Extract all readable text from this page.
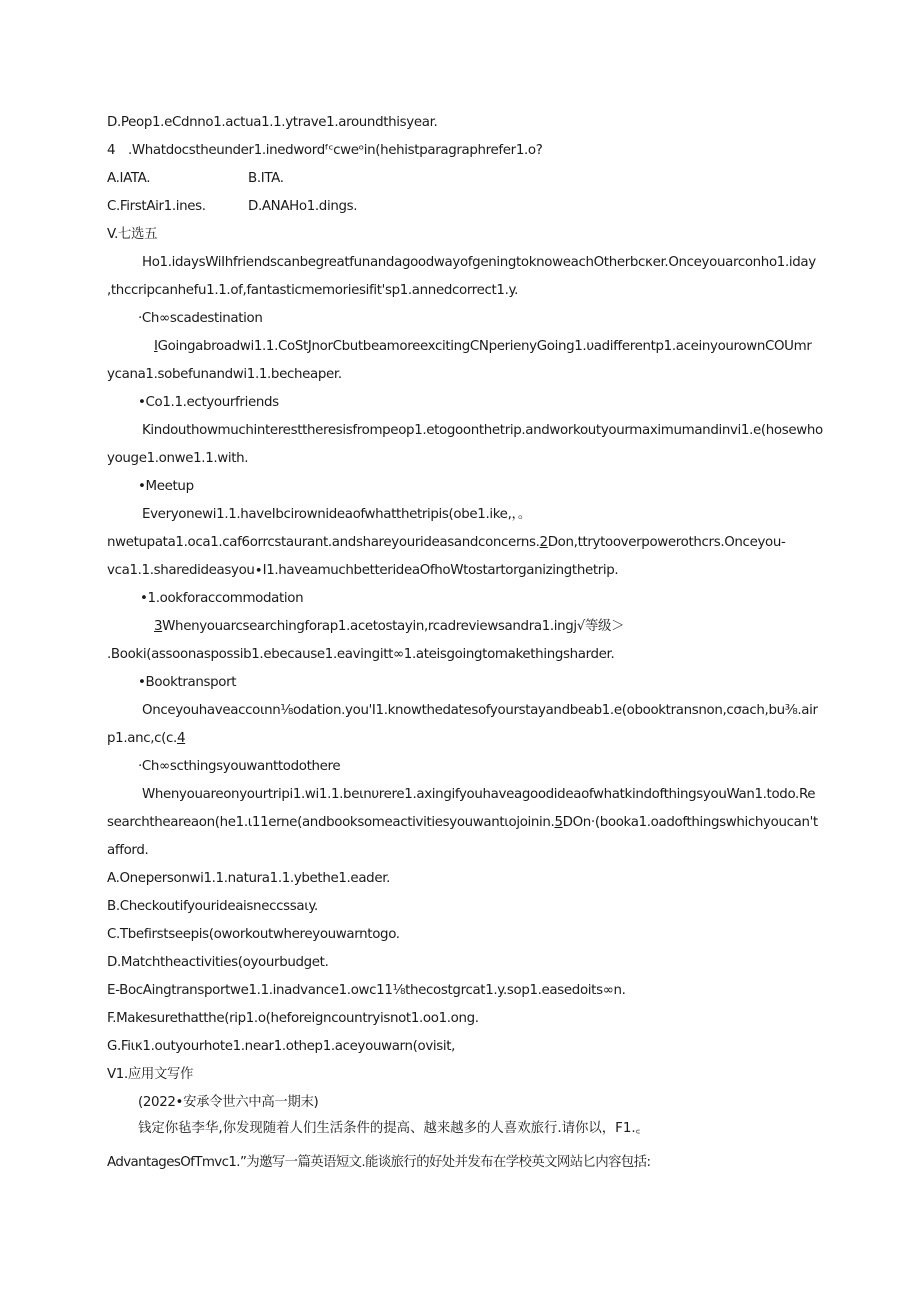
D.Peop1.eCdnno1.actua1.1.ytrave1.aroundthisyear.
4 .Whatdocstheunder1.inedwordᶠᶜcweᵒin(hehistparagraphrefer1.o?
A.IATA.	B.ITA.
C.FirstAir1.ines.	D.ANAHo1.dings.
V.七选五
Ho1.idaysWiIhfriendscanbegreatfunandagoodwayofgeningtoknoweachOtherbcκer.Onceyouarconho1.iday
,thccripcanhefu1.1.of,fantasticmemoriesifit'sp1.annedcorrect1.y.
·Ch∞scadestination
IGoingabroadwi1.1.CoStJnorCbutbeamoreexcitingCNperienyGoing1.υadifferentp1.aceinyourownCOUmr
ycana1.sobefunandwi1.1.becheaper.
•Co1.1.ectyourfriends
Kindouthowmuchinteresttheresisfrompeop1.etogoonthetrip.andworkoutyourmaximumandinvi1.e(hosewho
youge1.onwe1.1.with.
•Meetup
Everyonewi1.1.haveIbcirownideaofwhatthetripis(obe1.ike,，。
nwetupata1.oca1.caf6orrcstaurant.andshareyourideasandconcerns.2Don,ttrytooverpowerothcrs.Onceyou-
vca1.1.sharedideasyou∙I1.haveamuchbetterideaOfhoWtostartorganizingthetrip.
•1.ookforaccommodation
3Whenyouarcsearchingforap1.acetostayin,rcadreviewsandra1.ingj√等级＞
.Booki(assoonaspossib1.ebecause1.eavingitt∞1.ateisgoingtomakethingsharder.
•Booktransport
Onceyouhaveaccoιnn⅛odation.you'I1.knowthedatesofyourstayandbeab1.e(obooktransnon,cσach,bu⅜.air
p1.anc,c(c.4
·Ch∞scthingsyouwanttodothere
Whenyouareonyourtripi1.wi1.1.beιnυrere1.axingifyouhaveagoodideaofwhatkindofthingsyouWan1.todo.Re
searchtheareaon(he1.ι11erne(andbooksomeactivitiesyouwantιojoinin.5DOn·(booka1.oadofthingswhichyoucan't
afford.
A.Onepersonwi1.1.natura1.1.ybethe1.eader.
B.Checkoutifyourideaisneccssaιy.
C.Tbefirstseepis(oworkoutwhereyouwarntogo.
D.Matchtheactivities(oyourbudget.
E-BocAingtransportwe1.1.inadvance1.owc11⅛thecostgrcat1.y.sop1.easedoits∞n.
F.Makesurethatthe(rip1.o(heforeigncountryisnot1.oo1.ong.
G.Fiικ1.outyourhote1.near1.othep1.aceyouwarn(ovisit,
V1.应用文写作
(2022•安承令世六中高一期末)
钱定你毡李华,你发现随着人们生活条件的提高、越来越多的人喜欢旅行.请你以，F1.꜀
AdvantagesOfTmvc1.”为邀写一篇英语短文.能谈旅行的好处并发布在学校英文网站匕内容包括:
